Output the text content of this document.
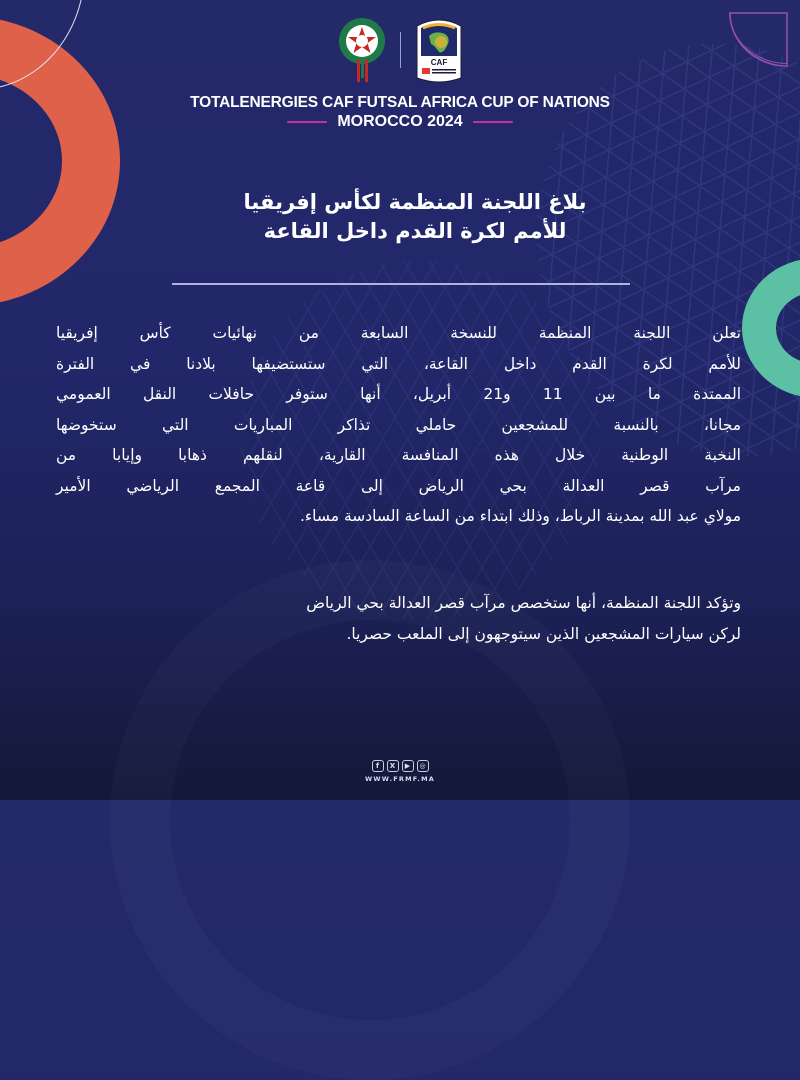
CAF
TOTALENERGIES CAF FUTSAL AFRICA CUP OF NATIONS
MOROCCO 2024
بلاغ اللجنة المنظمة لكأس إفريقيا
للأمم لكرة القدم داخل القاعة
تعلن اللجنة المنظمة للنسخة السابعة من نهائيات كأس إفريقيا
للأمم لكرة القدم داخل القاعة، التي ستستضيفها بلادنا في الفترة
الممتدة ما بين 11 و21 أبريل، أنها ستوفر حافلات النقل العمومي
مجانا، بالنسبة للمشجعين حاملي تذاكر المباريات التي ستخوضها
النخبة الوطنية خلال هذه المنافسة القارية، لنقلهم ذهابا وإيابا من
مرآب قصر العدالة بحي الرياض إلى قاعة المجمع الرياضي الأمير
مولاي عبد الله بمدينة الرباط، وذلك ابتداء من الساعة السادسة مساء.
وتؤكد اللجنة المنظمة، أنها ستخصص مرآب قصر العدالة بحي الرياض
لركن سيارات المشجعين الذين سيتوجهون إلى الملعب حصريا.
f	X	▶	◎
WWW.FRMF.MA
